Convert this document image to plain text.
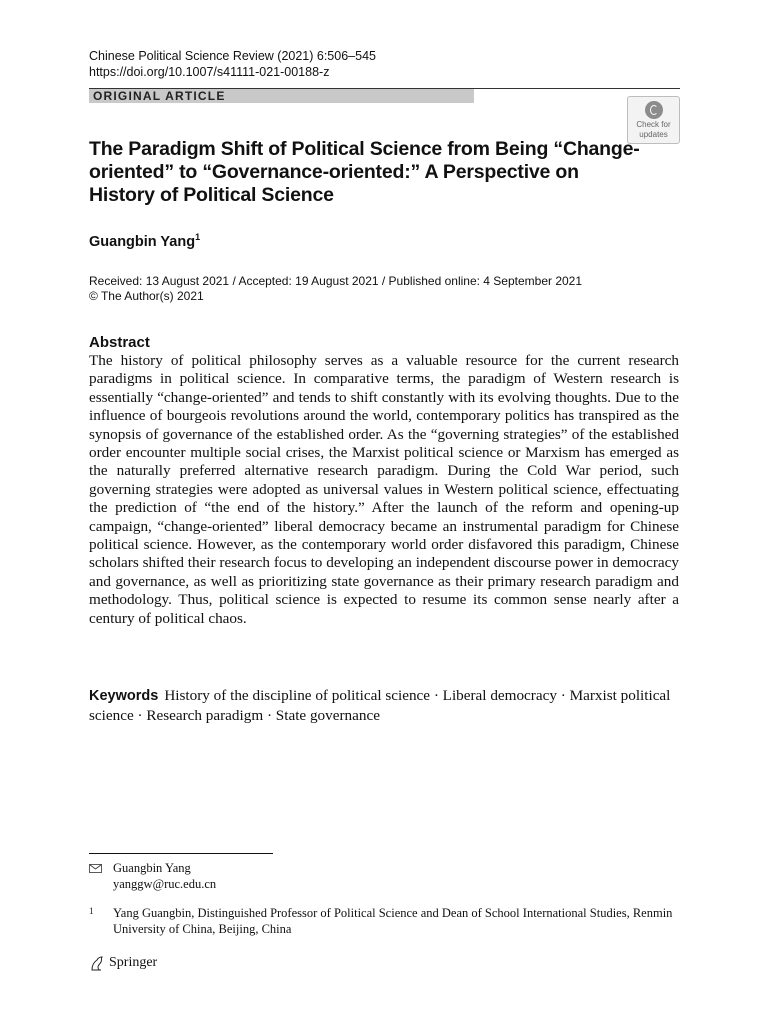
Chinese Political Science Review (2021) 6:506–545
https://doi.org/10.1007/s41111-021-00188-z
ORIGINAL ARTICLE
Check for
updates
The Paradigm Shift of Political Science from Being “Change-oriented” to “Governance-oriented:” A Perspective on History of Political Science
Guangbin Yang$^1$
Received: 13 August 2021 / Accepted: 19 August 2021 / Published online: 4 September 2021
© The Author(s) 2021
Abstract
The history of political philosophy serves as a valuable resource for the current research paradigms in political science. In comparative terms, the paradigm of Western research is essentially “change-oriented” and tends to shift constantly with its evolving thoughts. Due to the influence of bourgeois revolutions around the world, contemporary politics has transpired as the synopsis of governance of the established order. As the “governing strategies” of the established order encounter multiple social crises, the Marxist political science or Marxism has emerged as the naturally preferred alternative research paradigm. During the Cold War period, such governing strategies were adopted as universal values in Western political science, effectuating the prediction of “the end of the history.” After the launch of the reform and opening-up campaign, “change-oriented” liberal democracy became an instrumental paradigm for Chinese political science. However, as the contemporary world order disfavored this paradigm, Chinese scholars shifted their research focus to developing an independent discourse power in democracy and governance, as well as prioritizing state governance as their primary research paradigm and methodology. Thus, political science is expected to resume its common sense nearly after a century of political chaos.
Keywords History of the discipline of political science · Liberal democracy · Marxist political science · Research paradigm · State governance
Guangbin Yang
yanggw@ruc.edu.cn
1 Yang Guangbin, Distinguished Professor of Political Science and Dean of School International Studies, Renmin University of China, Beijing, China
Springer
